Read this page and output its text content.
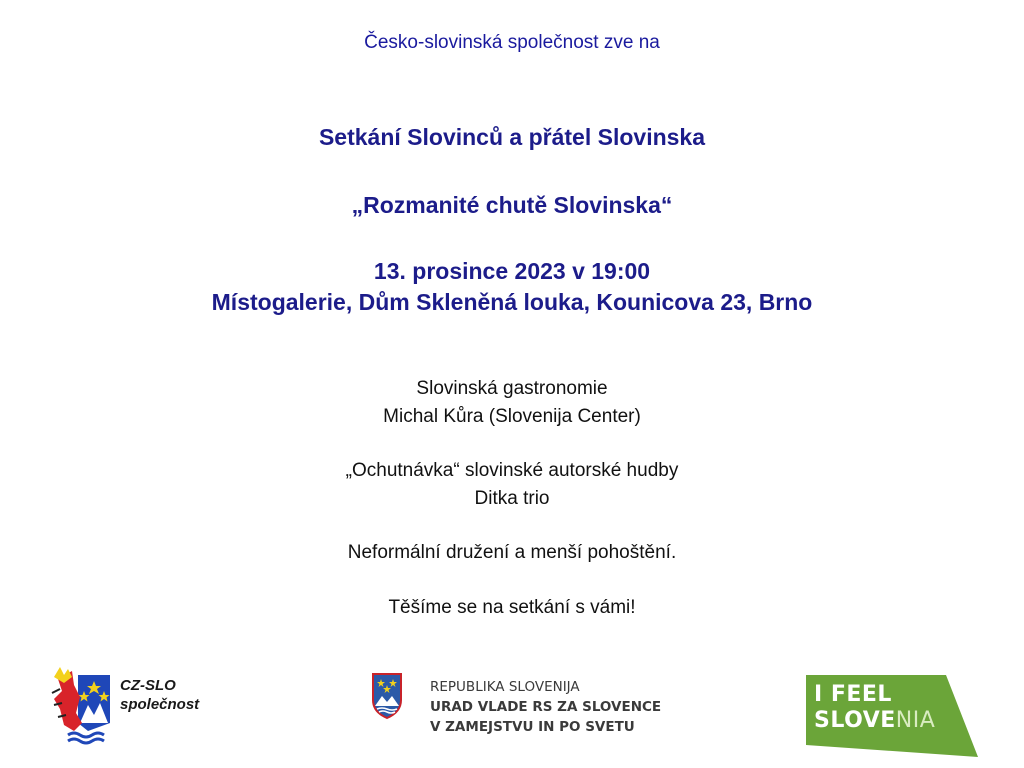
Česko-slovinská společnost zve na
Setkání Slovinců a přátel Slovinska
„Rozmanité chutě Slovinska“
13. prosince 2023 v 19:00
Místogalerie, Dům Skleněná louka, Kounicova 23, Brno
Slovinská gastronomie
Michal Kůra (Slovenija Center)
„Ochutnávka“ slovinské autorské hudby
Ditka trio
Neformální družení a menší pohoštění.
Těšíme se na setkání s vámi!
CZ-SLO
společnost
REPUBLIKA SLOVENIJA
URAD VLADE RS ZA SLOVENCE
V ZAMEJSTVU IN PO SVETU
I FEEL
SLOVENIA
